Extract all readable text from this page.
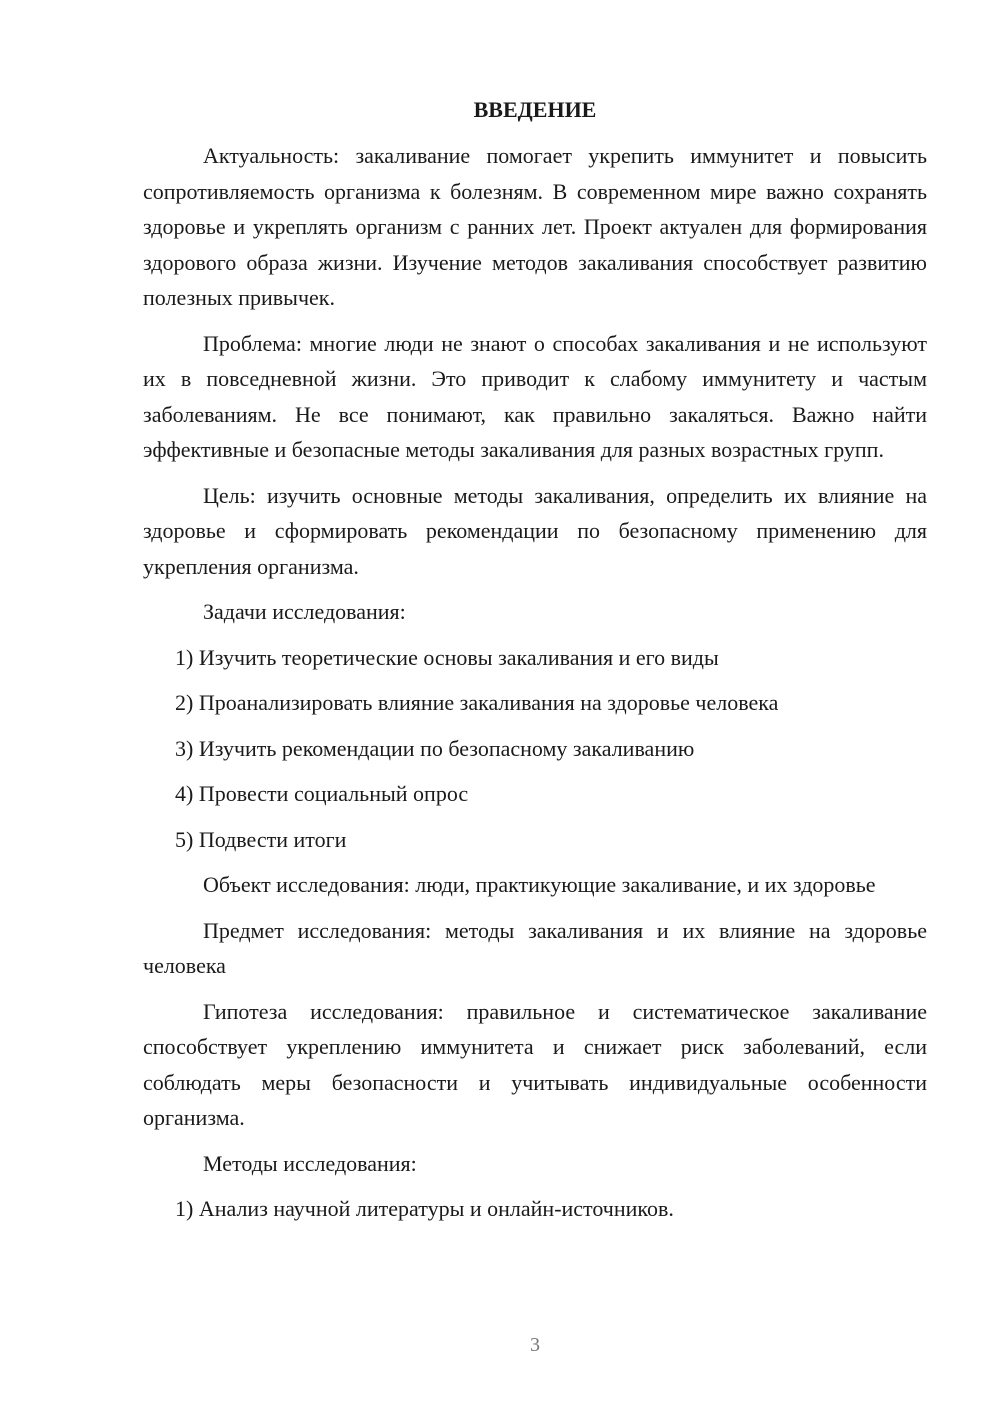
ВВЕДЕНИЕ

Актуальность: закаливание помогает укрепить иммунитет и повысить сопротивляемость организма к болезням. В современном мире важно сохранять здоровье и укреплять организм с ранних лет. Проект актуален для формирования здорового образа жизни. Изучение методов закаливания способствует развитию полезных привычек.

Проблема: многие люди не знают о способах закаливания и не используют их в повседневной жизни. Это приводит к слабому иммунитету и частым заболеваниям. Не все понимают, как правильно закаляться. Важно найти эффективные и безопасные методы закаливания для разных возрастных групп.

Цель: изучить основные методы закаливания, определить их влияние на здоровье и сформировать рекомендации по безопасному применению для укрепления организма.

Задачи исследования:

1) Изучить теоретические основы закаливания и его виды

2) Проанализировать влияние закаливания на здоровье человека

3) Изучить рекомендации по безопасному закаливанию

4) Провести социальный опрос

5) Подвести итоги

Объект исследования: люди, практикующие закаливание, и их здоровье

Предмет исследования: методы закаливания и их влияние на здоровье человека

Гипотеза исследования: правильное и систематическое закаливание способствует укреплению иммунитета и снижает риск заболеваний, если соблюдать меры безопасности и учитывать индивидуальные особенности организма.

Методы исследования:

1) Анализ научной литературы и онлайн-источников.

3
